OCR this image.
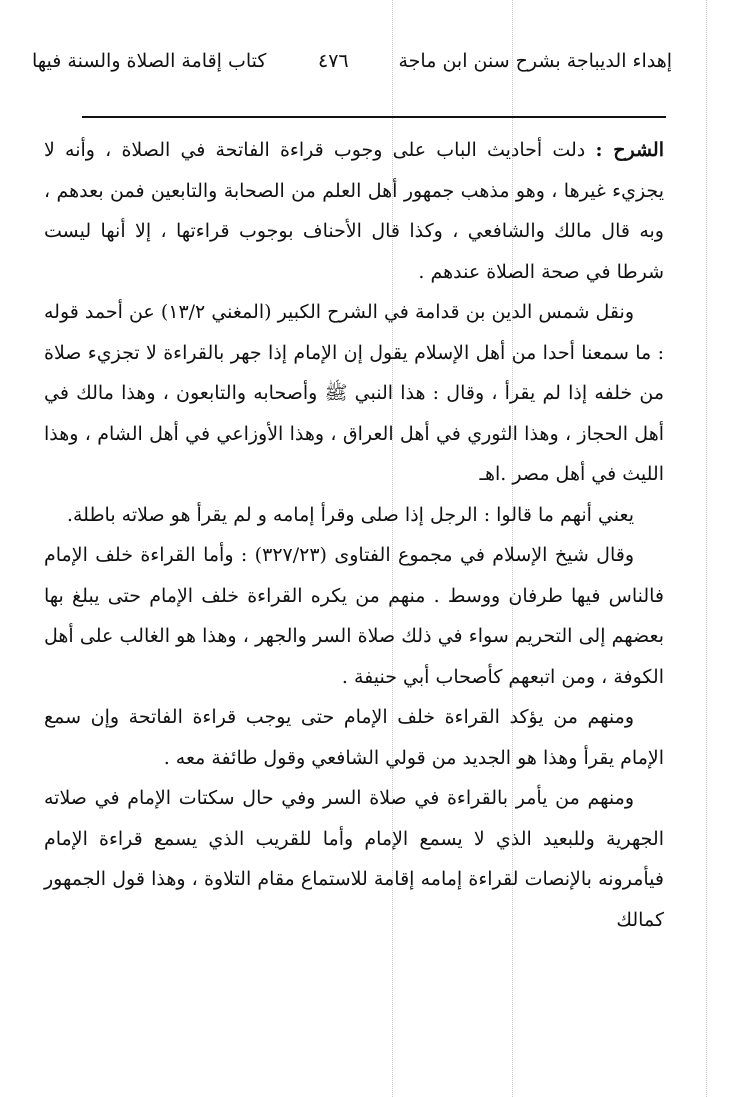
إهداء الديباجة بشرح سنن ابن ماجة
٤٧٦
كتاب إقامة الصلاة والسنة فيها

الشرح : دلت أحاديث الباب على وجوب قراءة الفاتحة في الصلاة ، وأنه لا يجزيء غيرها ، وهو مذهب جمهور أهل العلم من الصحابة والتابعين فمن بعدهم ، وبه قال مالك والشافعي ، وكذا قال الأحناف بوجوب قراءتها ، إلا أنها ليست شرطا في صحة الصلاة عندهم .

ونقل شمس الدين بن قدامة في الشرح الكبير (المغني ١٣/٢) عن أحمد قوله : ما سمعنا أحدا من أهل الإسلام يقول إن الإمام إذا جهر بالقراءة لا تجزيء صلاة من خلفه إذا لم يقرأ ، وقال : هذا النبي ﷺ وأصحابه والتابعون ، وهذا مالك في أهل الحجاز ، وهذا الثوري في أهل العراق ، وهذا الأوزاعي في أهل الشام ، وهذا الليث في أهل مصر .اهـ

يعني أنهم ما قالوا : الرجل إذا صلى وقرأ إمامه و لم يقرأ هو صلاته باطلة.

وقال شيخ الإسلام في مجموع الفتاوى (٣٢٧/٢٣) : وأما القراءة خلف الإمام فالناس فيها طرفان ووسط . منهم من يكره القراءة خلف الإمام حتى يبلغ بها بعضهم إلى التحريم سواء في ذلك صلاة السر والجهر ، وهذا هو الغالب على أهل الكوفة ، ومن اتبعهم كأصحاب أبي حنيفة .

ومنهم من يؤكد القراءة خلف الإمام حتى يوجب قراءة الفاتحة وإن سمع الإمام يقرأ وهذا هو الجديد من قولي الشافعي وقول طائفة معه .

ومنهم من يأمر بالقراءة في صلاة السر وفي حال سكتات الإمام في صلاته الجهرية وللبعيد الذي لا يسمع الإمام وأما للقريب الذي يسمع قراءة الإمام فيأمرونه بالإنصات لقراءة إمامه إقامة للاستماع مقام التلاوة ، وهذا قول الجمهور كمالك
